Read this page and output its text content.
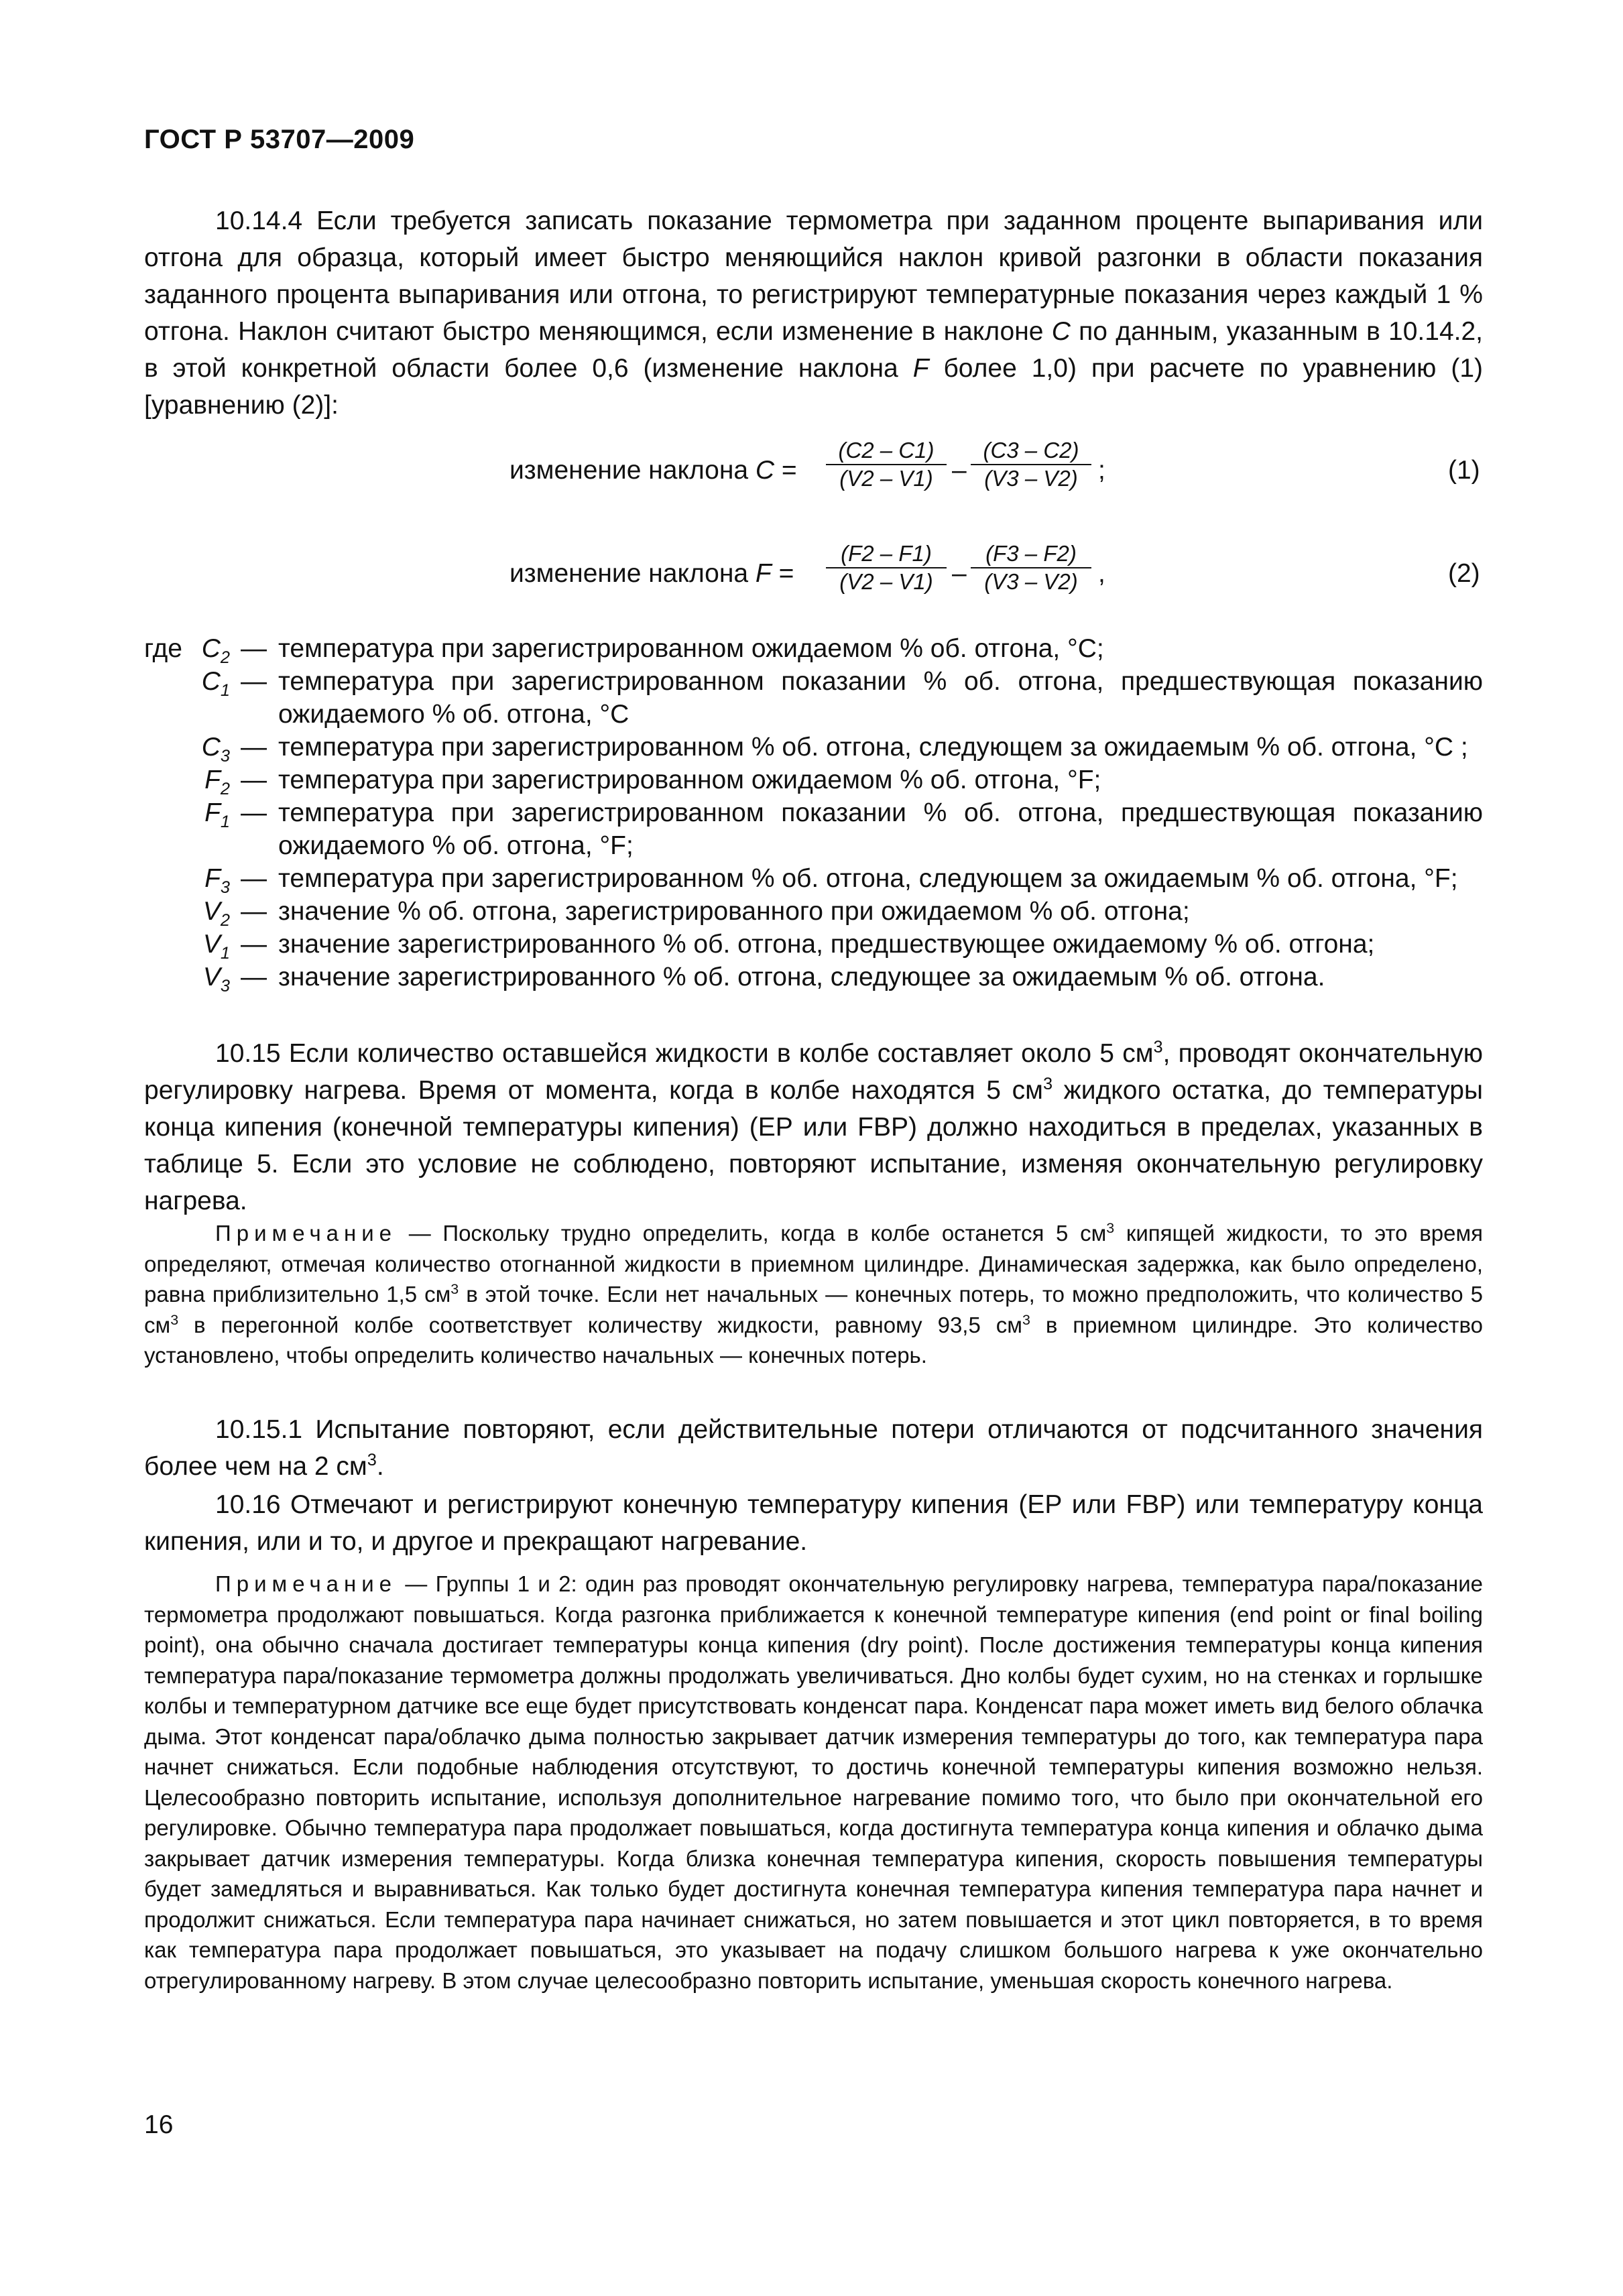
ГОСТ Р 53707—2009

10.14.4 Если требуется записать показание термометра при заданном проценте выпаривания или отгона для образца, который имеет быстро меняющийся наклон кривой разгонки в области показания заданного процента выпаривания или отгона, то регистрируют температурные показания через каждый 1 % отгона. Наклон считают быстро меняющимся, если изменение в наклоне C по данным, указанным в 10.14.2, в этой конкретной области более 0,6 (изменение наклона F более 1,0) при расчете по уравнению (1) [уравнению (2)]:

изменение наклона $C = \frac{(C2 - C1)}{(V2 - V1)} - \frac{(C3 - C2)}{(V3 - V2)}$ ;	(1)
изменение наклона $F = \frac{(F2 - F1)}{(V2 - V1)} - \frac{(F3 - F2)}{(V3 - V2)}$ ,	(2)
где $C_2$ — температура при зарегистрированном ожидаемом % об. отгона, °С;
$C_1$ — температура при зарегистрированном показании % об. отгона, предшествующая показанию ожидаемого % об. отгона, °С
$C_3$ — температура при зарегистрированном % об. отгона, следующем за ожидаемым % об. отгона, °С ;
$F_2$ — температура при зарегистрированном ожидаемом % об. отгона, °F;
$F_1$ — температура при зарегистрированном показании % об. отгона, предшествующая показанию ожидаемого % об. отгона, °F;
$F_3$ — температура при зарегистрированном % об. отгона, следующем за ожидаемым % об. отгона, °F;
$V_2$ — значение % об. отгона, зарегистрированного при ожидаемом % об. отгона;
$V_1$ — значение зарегистрированного % об. отгона, предшествующее ожидаемому % об. отгона;
$V_3$ — значение зарегистрированного % об. отгона, следующее за ожидаемым % об. отгона.

10.15 Если количество оставшейся жидкости в колбе составляет около 5 $см^3$, проводят окончательную регулировку нагрева. Время от момента, когда в колбе находятся 5 $см^3$ жидкого остатка, до температуры конца кипения (конечной температуры кипения) (ЕР или FBP) должно находиться в пределах, указанных в таблице 5. Если это условие не соблюдено, повторяют испытание, изменяя окончательную регулировку нагрева.

Примечание — Поскольку трудно определить, когда в колбе останется 5 $см^3$ кипящей жидкости, то это время определяют, отмечая количество отогнанной жидкости в приемном цилиндре. Динамическая задержка, как было определено, равна приблизительно 1,5 $см^3$ в этой точке. Если нет начальных — конечных потерь, то можно предположить, что количество 5 $см^3$ в перегонной колбе соответствует количеству жидкости, равному 93,5 $см^3$ в приемном цилиндре. Это количество установлено, чтобы определить количество начальных — конечных потерь.

10.15.1 Испытание повторяют, если действительные потери отличаются от подсчитанного значения более чем на 2 $см^3$.

10.16 Отмечают и регистрируют конечную температуру кипения (ЕР или FBP) или температуру конца кипения, или и то, и другое и прекращают нагревание.

Примечание — Группы 1 и 2: один раз проводят окончательную регулировку нагрева, температура пара/показание термометра продолжают повышаться. Когда разгонка приближается к конечной температуре кипения (end point or final boiling point), она обычно сначала достигает температуры конца кипения (dry point). После достижения температуры конца кипения температура пара/показание термометра должны продолжать увеличиваться. Дно колбы будет сухим, но на стенках и горлышке колбы и температурном датчике все еще будет присутствовать конденсат пара. Конденсат пара может иметь вид белого облачка дыма. Этот конденсат пара/облачко дыма полностью закрывает датчик измерения температуры до того, как температура пара начнет снижаться. Если подобные наблюдения отсутствуют, то достичь конечной температуры кипения возможно нельзя. Целесообразно повторить испытание, используя дополнительное нагревание помимо того, что было при окончательной его регулировке. Обычно температура пара продолжает повышаться, когда достигнута температура конца кипения и облачко дыма закрывает датчик измерения температуры. Когда близка конечная температура кипения, скорость повышения температуры будет замедляться и выравниваться. Как только будет достигнута конечная температура кипения температура пара начнет и продолжит снижаться. Если температура пара начинает снижаться, но затем повышается и этот цикл повторяется, в то время как температура пара продолжает повышаться, это указывает на подачу слишком большого нагрева к уже окончательно отрегулированному нагреву. В этом случае целесообразно повторить испытание, уменьшая скорость конечного нагрева.

16
